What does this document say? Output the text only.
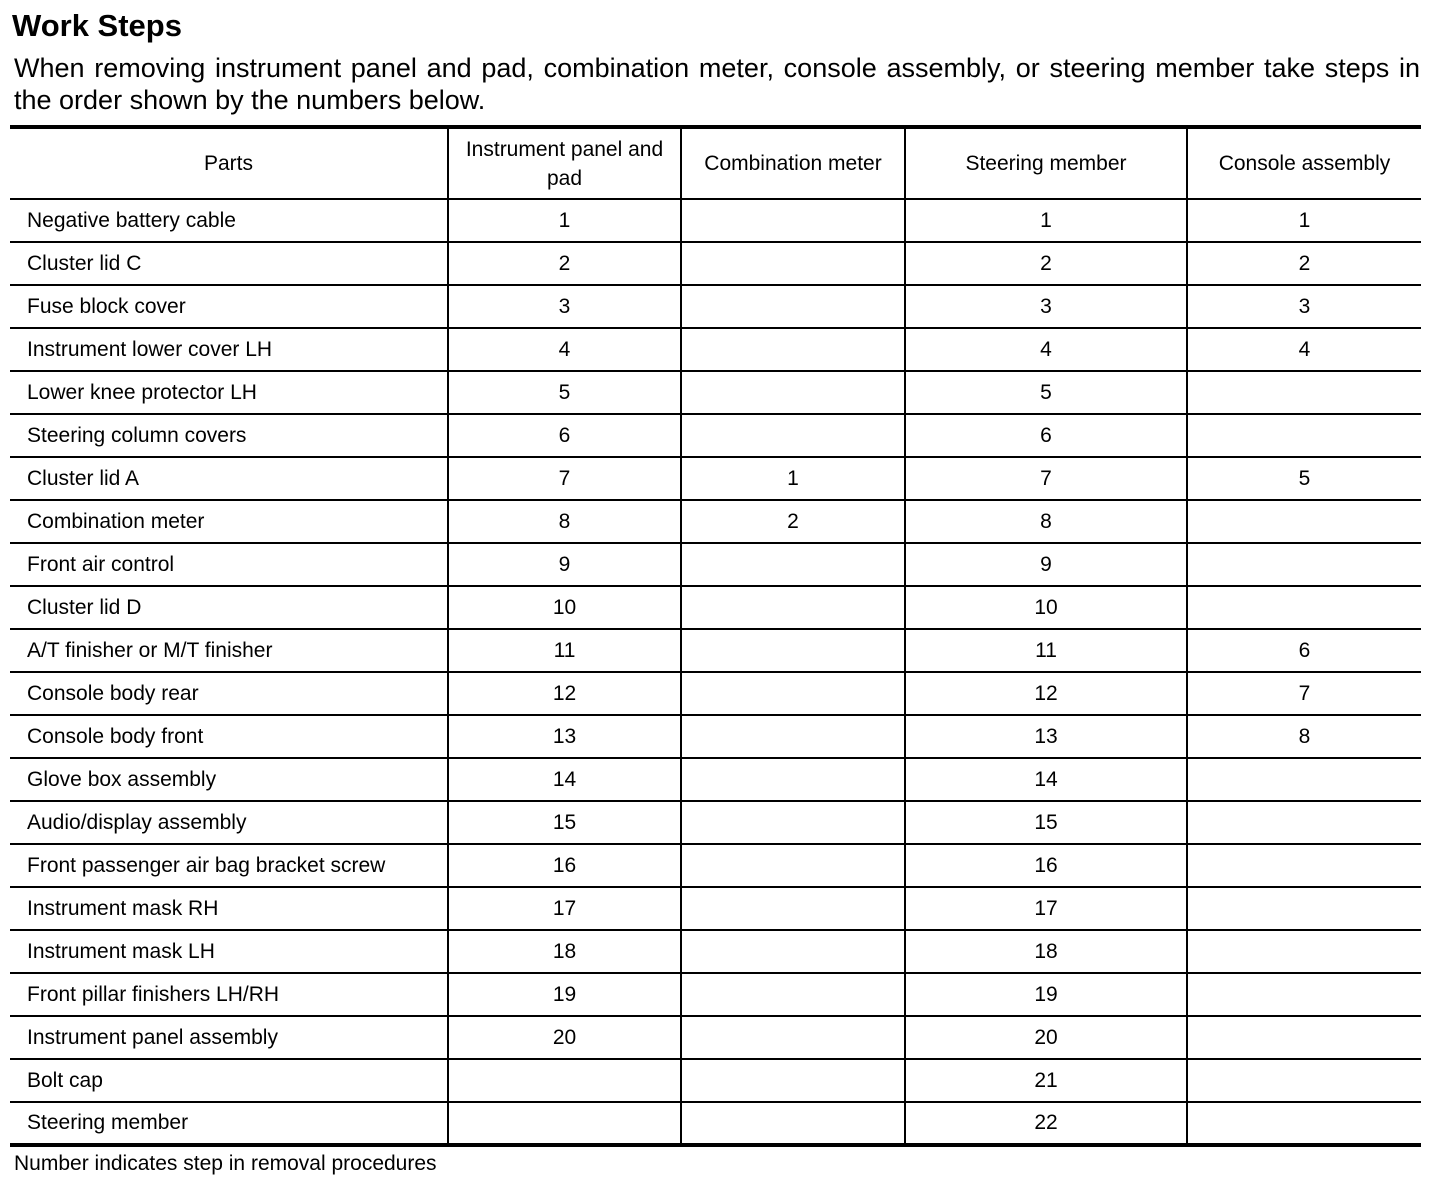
Work Steps

When removing instrument panel and pad, combination meter, console assembly, or steering member take steps in the order shown by the numbers below.

Parts	Instrument panel and pad	Combination meter	Steering member	Console assembly
Negative battery cable	1		1	1
Cluster lid C	2		2	2
Fuse block cover	3		3	3
Instrument lower cover LH	4		4	4
Lower knee protector LH	5		5	
Steering column covers	6		6	
Cluster lid A	7	1	7	5
Combination meter	8	2	8	
Front air control	9		9	
Cluster lid D	10		10	
A/T finisher or M/T finisher	11		11	6
Console body rear	12		12	7
Console body front	13		13	8
Glove box assembly	14		14	
Audio/display assembly	15		15	
Front passenger air bag bracket screw	16		16	
Instrument mask RH	17		17	
Instrument mask LH	18		18	
Front pillar finishers LH/RH	19		19	
Instrument panel assembly	20		20	
Bolt cap			21	
Steering member			22	

Number indicates step in removal procedures
